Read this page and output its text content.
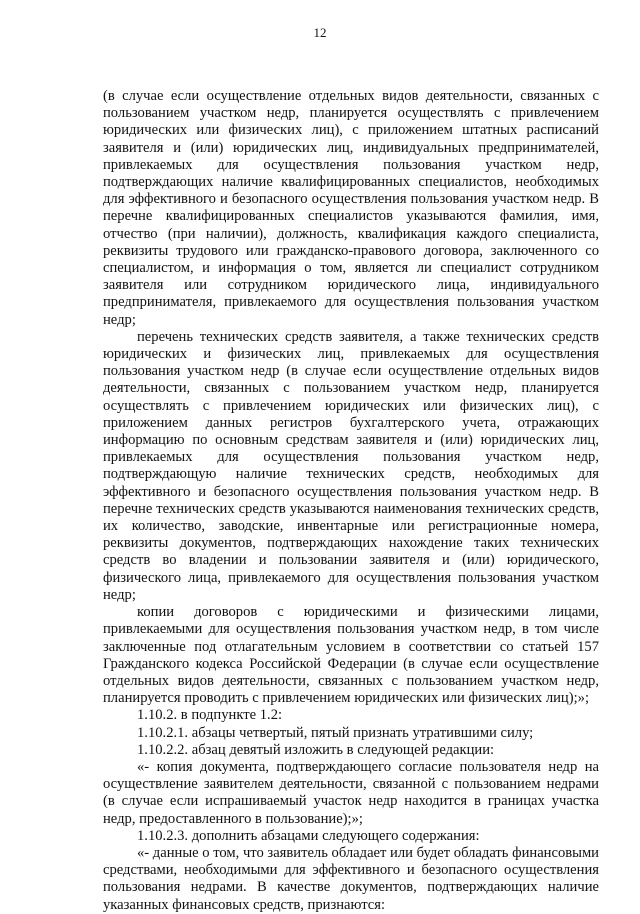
12

(в случае если осуществление отдельных видов деятельности, связанных с пользованием участком недр, планируется осуществлять с привлечением юридических или физических лиц), с приложением штатных расписаний заявителя и (или) юридических лиц, индивидуальных предпринимателей, привлекаемых для осуществления пользования участком недр, подтверждающих наличие квалифицированных специалистов, необходимых для эффективного и безопасного осуществления пользования участком недр. В перечне квалифицированных специалистов указываются фамилия, имя, отчество (при наличии), должность, квалификация каждого специалиста, реквизиты трудового или гражданско-правового договора, заключенного со специалистом, и информация о том, является ли специалист сотрудником заявителя или сотрудником юридического лица, индивидуального предпринимателя, привлекаемого для осуществления пользования участком недр;

перечень технических средств заявителя, а также технических средств юридических и физических лиц, привлекаемых для осуществления пользования участком недр (в случае если осуществление отдельных видов деятельности, связанных с пользованием участком недр, планируется осуществлять с привлечением юридических или физических лиц), с приложением данных регистров бухгалтерского учета, отражающих информацию по основным средствам заявителя и (или) юридических лиц, привлекаемых для осуществления пользования участком недр, подтверждающую наличие технических средств, необходимых для эффективного и безопасного осуществления пользования участком недр. В перечне технических средств указываются наименования технических средств, их количество, заводские, инвентарные или регистрационные номера, реквизиты документов, подтверждающих нахождение таких технических средств во владении и пользовании заявителя и (или) юридического, физического лица, привлекаемого для осуществления пользования участком недр;

копии договоров с юридическими и физическими лицами, привлекаемыми для осуществления пользования участком недр, в том числе заключенные под отлагательным условием в соответствии со статьей 157 Гражданского кодекса Российской Федерации (в случае если осуществление отдельных видов деятельности, связанных с пользованием участком недр, планируется проводить с привлечением юридических или физических лиц);»;

1.10.2. в подпункте 1.2:

1.10.2.1. абзацы четвертый, пятый признать утратившими силу;

1.10.2.2. абзац девятый изложить в следующей редакции:

«- копия документа, подтверждающего согласие пользователя недр на осуществление заявителем деятельности, связанной с пользованием недрами (в случае если испрашиваемый участок недр находится в границах участка недр, предоставленного в пользование);»;

1.10.2.3. дополнить абзацами следующего содержания:

«- данные о том, что заявитель обладает или будет обладать финансовыми средствами, необходимыми для эффективного и безопасного осуществления пользования недрами. В качестве документов, подтверждающих наличие указанных финансовых средств, признаются:
